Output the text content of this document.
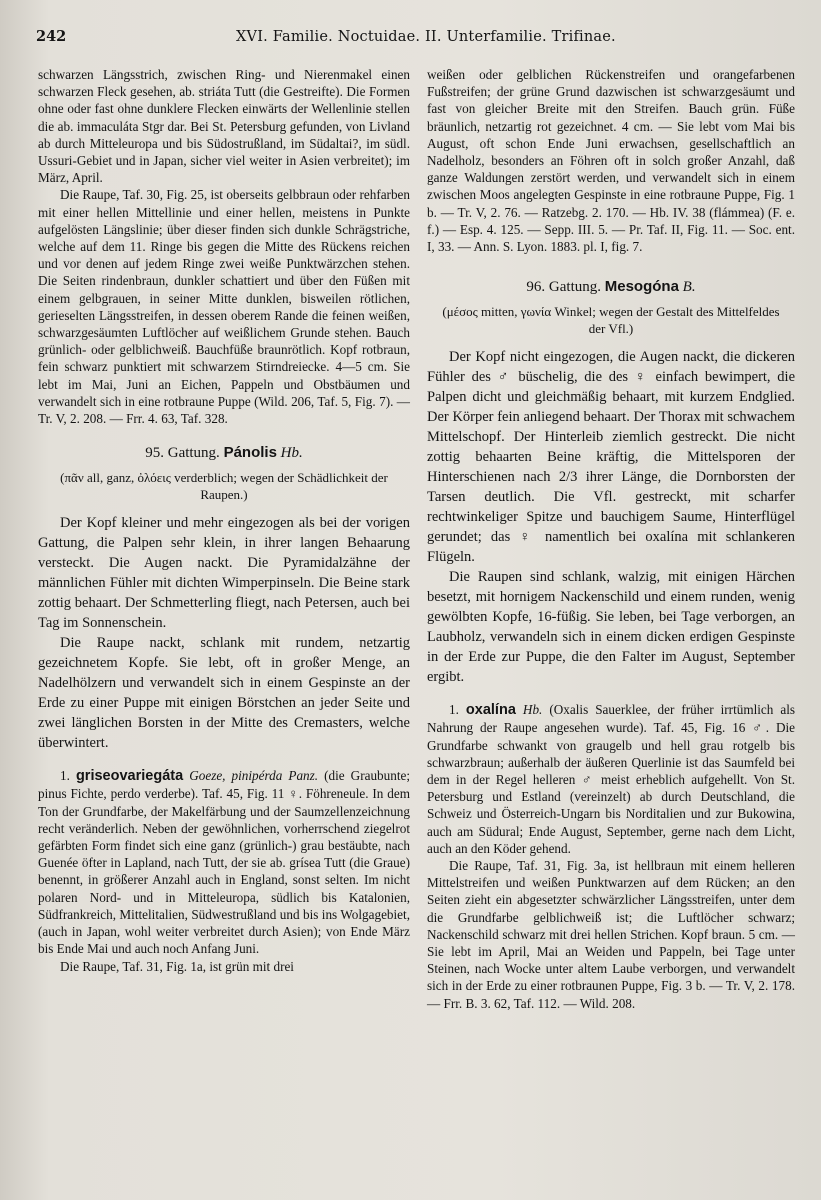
242	XVI. Familie. Noctuidae. II. Unterfamilie. Trifinae.

schwarzen Längsstrich, zwischen Ring- und Nierenmakel einen schwarzen Fleck gesehen, ab. striáta Tutt (die Gestreifte). Die Formen ohne oder fast ohne dunklere Flecken einwärts der Wellenlinie stellen die ab. immaculáta Stgr dar. Bei St. Petersburg gefunden, von Livland ab durch Mitteleuropa und bis Südostrußland, im Südaltai?, im südl. Ussuri-Gebiet und in Japan, sicher viel weiter in Asien verbreitet); im März, April.

Die Raupe, Taf. 30, Fig. 25, ist oberseits gelbbraun oder rehfarben mit einer hellen Mittellinie und einer hellen, meistens in Punkte aufgelösten Längslinie; über dieser finden sich dunkle Schrägstriche, welche auf dem 11. Ringe bis gegen die Mitte des Rückens reichen und vor denen auf jedem Ringe zwei weiße Punktwärzchen stehen. Die Seiten rindenbraun, dunkler schattiert und über den Füßen mit einem gelbgrauen, in seiner Mitte dunklen, bisweilen rötlichen, gerieselten Längsstreifen, in dessen oberem Rande die feinen weißen, schwarzgesäumten Luftlöcher auf weißlichem Grunde stehen. Bauch grünlich- oder gelblichweiß. Bauchfüße braunrötlich. Kopf rotbraun, fein schwarz punktiert mit schwarzem Stirndreiecke. 4—5 cm. Sie lebt im Mai, Juni an Eichen, Pappeln und Obstbäumen und verwandelt sich in eine rotbraune Puppe (Wild. 206, Taf. 5, Fig. 7). — Tr. V, 2. 208. — Frr. 4. 63, Taf. 328.

95. Gattung. Pánolis Hb.
(πᾶν all, ganz, ὀλόεις verderblich; wegen der Schädlichkeit der Raupen.)

Der Kopf kleiner und mehr eingezogen als bei der vorigen Gattung, die Palpen sehr klein, in ihrer langen Behaarung versteckt. Die Augen nackt. Die Pyramidalzähne der männlichen Fühler mit dichten Wimperpinseln. Die Beine stark zottig behaart. Der Schmetterling fliegt, nach Petersen, auch bei Tag im Sonnenschein.

Die Raupe nackt, schlank mit rundem, netzartig gezeichnetem Kopfe. Sie lebt, oft in großer Menge, an Nadelhölzern und verwandelt sich in einem Gespinste an der Erde zu einer Puppe mit einigen Börstchen an jeder Seite und zwei länglichen Borsten in der Mitte des Cremasters, welche überwintert.

1. griseovariegáta Goeze, pinipérda Panz. (die Graubunte; pinus Fichte, perdo verderbe). Taf. 45, Fig. 11 ♀. Föhreneule. In dem Ton der Grundfarbe, der Makelfärbung und der Saumzellenzeichnung recht veränderlich. Neben der gewöhnlichen, vorherrschend ziegelrot gefärbten Form findet sich eine ganz (grünlich-) grau bestäubte, nach Guenée öfter in Lapland, nach Tutt, der sie ab. grísea Tutt (die Graue) benennt, in größerer Anzahl auch in England, sonst selten. Im nicht polaren Nord- und in Mitteleuropa, südlich bis Katalonien, Südfrankreich, Mittelitalien, Südwestrußland und bis ins Wolgagebiet, (auch in Japan, wohl weiter verbreitet durch Asien); von Ende März bis Ende Mai und auch noch Anfang Juni.

Die Raupe, Taf. 31, Fig. 1a, ist grün mit drei

weißen oder gelblichen Rückenstreifen und orangefarbenen Fußstreifen; der grüne Grund dazwischen ist schwarzgesäumt und fast von gleicher Breite mit den Streifen. Bauch grün. Füße bräunlich, netzartig rot gezeichnet. 4 cm. — Sie lebt vom Mai bis August, oft schon Ende Juni erwachsen, gesellschaftlich an Nadelholz, besonders an Föhren oft in solch großer Anzahl, daß ganze Waldungen zerstört werden, und verwandelt sich in einem zwischen Moos angelegten Gespinste in eine rotbraune Puppe, Fig. 1 b. — Tr. V, 2. 76. — Ratzebg. 2. 170. — Hb. IV. 38 (flámmea) (F. e. f.) — Esp. 4. 125. — Sepp. III. 5. — Pr. Taf. II, Fig. 11. — Soc. ent. I, 33. — Ann. S. Lyon. 1883. pl. I, fig. 7.

96. Gattung. Mesogóna B.
(μέσος mitten, γωνία Winkel; wegen der Gestalt des Mittelfeldes der Vfl.)

Der Kopf nicht eingezogen, die Augen nackt, die dickeren Fühler des ♂ büschelig, die des ♀ einfach bewimpert, die Palpen dicht und gleichmäßig behaart, mit kurzem Endglied. Der Körper fein anliegend behaart. Der Thorax mit schwachem Mittelschopf. Der Hinterleib ziemlich gestreckt. Die nicht zottig behaarten Beine kräftig, die Mittelsporen der Hinterschienen nach 2/3 ihrer Länge, die Dornborsten der Tarsen deutlich. Die Vfl. gestreckt, mit scharfer rechtwinkeliger Spitze und bauchigem Saume, Hinterflügel gerundet; das ♀ namentlich bei oxalína mit schlankeren Flügeln.

Die Raupen sind schlank, walzig, mit einigen Härchen besetzt, mit hornigem Nackenschild und einem runden, wenig gewölbten Kopfe, 16-füßig. Sie leben, bei Tage verborgen, an Laubholz, verwandeln sich in einem dicken erdigen Gespinste in der Erde zur Puppe, die den Falter im August, September ergibt.

1. oxalína Hb. (Oxalis Sauerklee, der früher irrtümlich als Nahrung der Raupe angesehen wurde). Taf. 45, Fig. 16 ♂. Die Grundfarbe schwankt von graugelb und hell grau rotgelb bis schwarzbraun; außerhalb der äußeren Querlinie ist das Saumfeld bei dem in der Regel helleren ♂ meist erheblich aufgehellt. Von St. Petersburg und Estland (vereinzelt) ab durch Deutschland, die Schweiz und Österreich-Ungarn bis Norditalien und zur Bukowina, auch am Südural; Ende August, September, gerne nach dem Licht, auch an den Köder gehend.

Die Raupe, Taf. 31, Fig. 3a, ist hellbraun mit einem helleren Mittelstreifen und weißen Punktwarzen auf dem Rücken; an den Seiten zieht ein abgesetzter schwärzlicher Längsstreifen, unter dem die Grundfarbe gelblichweiß ist; die Luftlöcher schwarz; Nackenschild schwarz mit drei hellen Strichen. Kopf braun. 5 cm. — Sie lebt im April, Mai an Weiden und Pappeln, bei Tage unter Steinen, nach Wocke unter altem Laube verborgen, und verwandelt sich in der Erde zu einer rotbraunen Puppe, Fig. 3 b. — Tr. V, 2. 178. — Frr. B. 3. 62, Taf. 112. — Wild. 208.
